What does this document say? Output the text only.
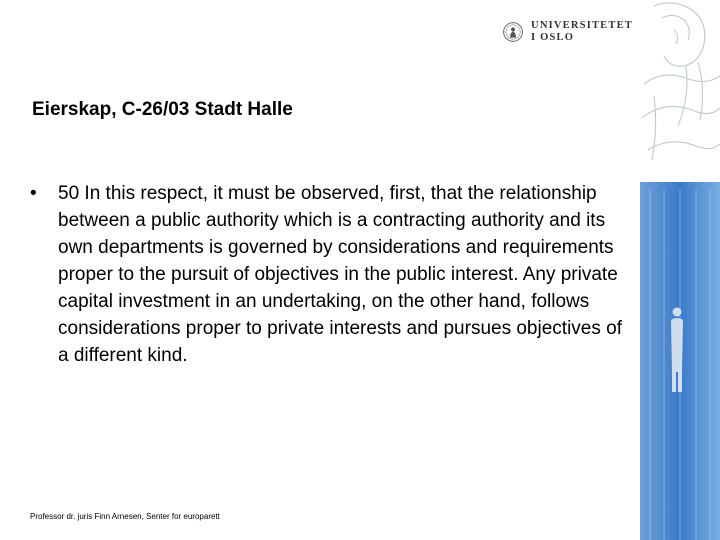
UNIVERSITETET
I OSLO
Eierskap, C-26/03 Stadt Halle
•	50 In this respect, it must be observed, first, that the relationship between a public authority which is a contracting authority and its own departments is governed by considerations and requirements proper to the pursuit of objectives in the public interest. Any private capital investment in an undertaking, on the other hand, follows considerations proper to private interests and pursues objectives of a different kind.

Professor dr. juris Finn Arnesen, Senter for europarett
